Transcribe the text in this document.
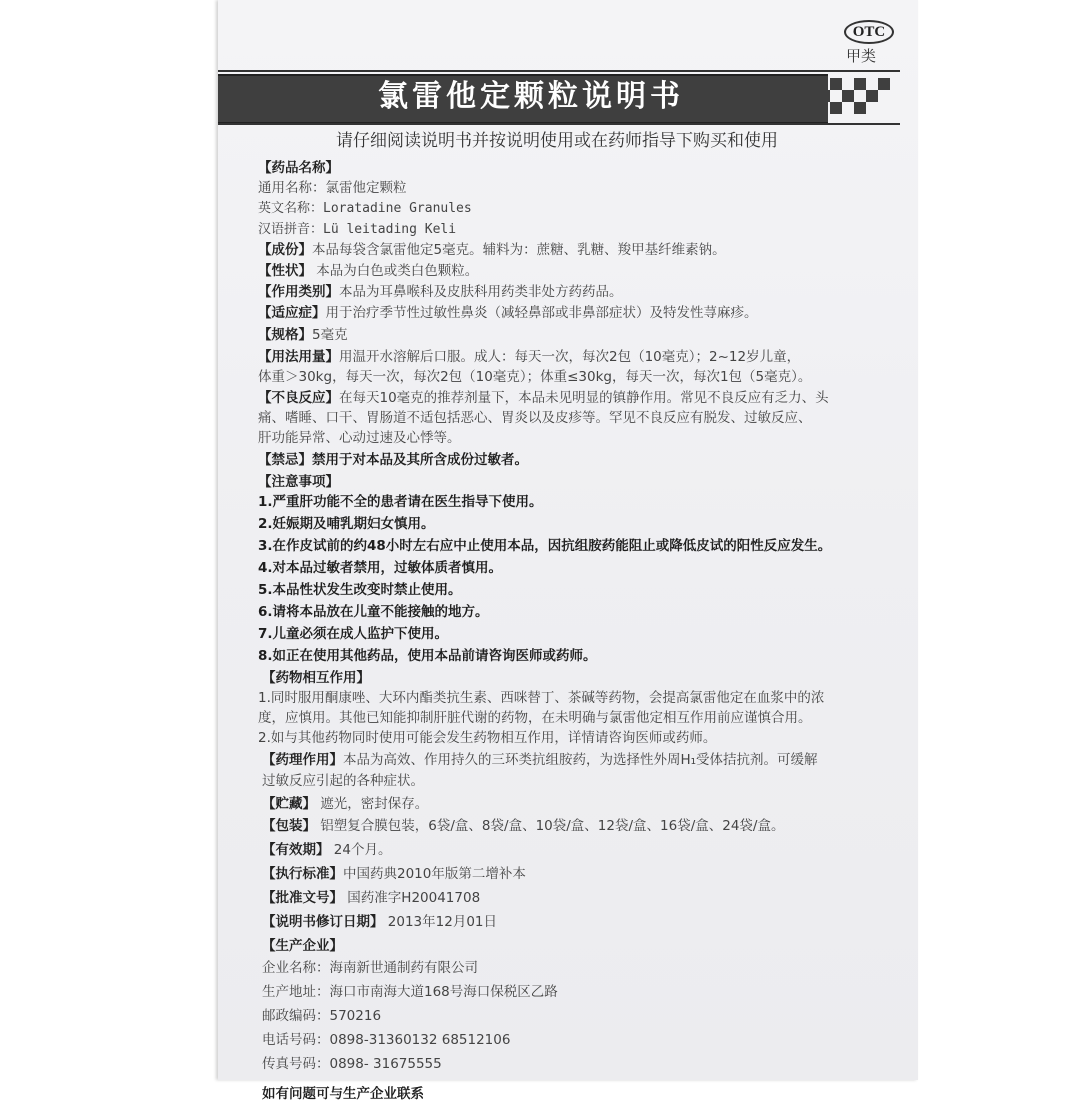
OTC
甲类
氯雷他定颗粒说明书
请仔细阅读说明书并按说明使用或在药师指导下购买和使用
【 药品名称 】
通用名称：氯雷他定颗粒
英文名称：Loratadine Granules
汉语拼音：Lü leitading Keli
【 成份 】 本品每袋含氯雷他定5毫克。辅料为：蔗糖、乳糖、羧甲基纤维素钠。
【 性状 】 本品为白色或类白色颗粒。
【 作用类别 】 本品为耳鼻喉科及皮肤科用药类非处方药药品。
【 适应症 】 用于治疗季节性过敏性鼻炎（减轻鼻部或非鼻部症状）及特发性荨麻疹。
【 规格 】 5毫克
【 用法用量 】 用温开水溶解后口服。成人：每天一次，每次2包（10毫克）；2~12岁儿童，
体重＞30kg，每天一次，每次2包（10毫克）；体重≤30kg，每天一次，每次1包（5毫克）。
【 不良反应 】 在每天10毫克的推荐剂量下，本品未见明显的镇静作用。常见不良反应有乏力、头
痛、嗜睡、口干、胃肠道不适包括恶心、胃炎以及皮疹等。罕见不良反应有脱发、过敏反应、
肝功能异常、心动过速及心悸等。
【 禁忌 】 禁用于对本品及其所含成份过敏者。
【 注意事项 】
1.严重肝功能不全的患者请在医生指导下使用。
2.妊娠期及哺乳期妇女慎用。
3.在作皮试前的约48小时左右应中止使用本品，因抗组胺药能阻止或降低皮试的阳性反应发生。
4.对本品过敏者禁用，过敏体质者慎用。
5.本品性状发生改变时禁止使用。
6.请将本品放在儿童不能接触的地方。
7.儿童必须在成人监护下使用。
8.如正在使用其他药品，使用本品前请咨询医师或药师。
【 药物相互作用 】
1.同时服用酮康唑、大环内酯类抗生素、西咪替丁、茶碱等药物，会提高氯雷他定在血浆中的浓
度，应慎用。其他已知能抑制肝脏代谢的药物，在未明确与氯雷他定相互作用前应谨慎合用。
2.如与其他药物同时使用可能会发生药物相互作用，详情请咨询医师或药师。
【 药理作用 】 本品为高效、作用持久的三环类抗组胺药，为选择性外周H₁受体拮抗剂。可缓解
过敏反应引起的各种症状。
【 贮藏 】 遮光，密封保存。
【 包装 】 铝塑复合膜包装，6袋/盒、8袋/盒、10袋/盒、12袋/盒、16袋/盒、24袋/盒。
【 有效期 】 24个月。
【 执行标准 】 中国药典2010年版第二增补本
【 批准文号 】 国药准字H20041708
【 说明书修订日期 】 2013年12月01日
【 生产企业 】
企业名称：海南新世通制药有限公司
生产地址：海口市南海大道168号海口保税区乙路
邮政编码：570216
电话号码：0898-31360132 68512106
传真号码：0898- 31675555
如有问题可与生产企业联系
